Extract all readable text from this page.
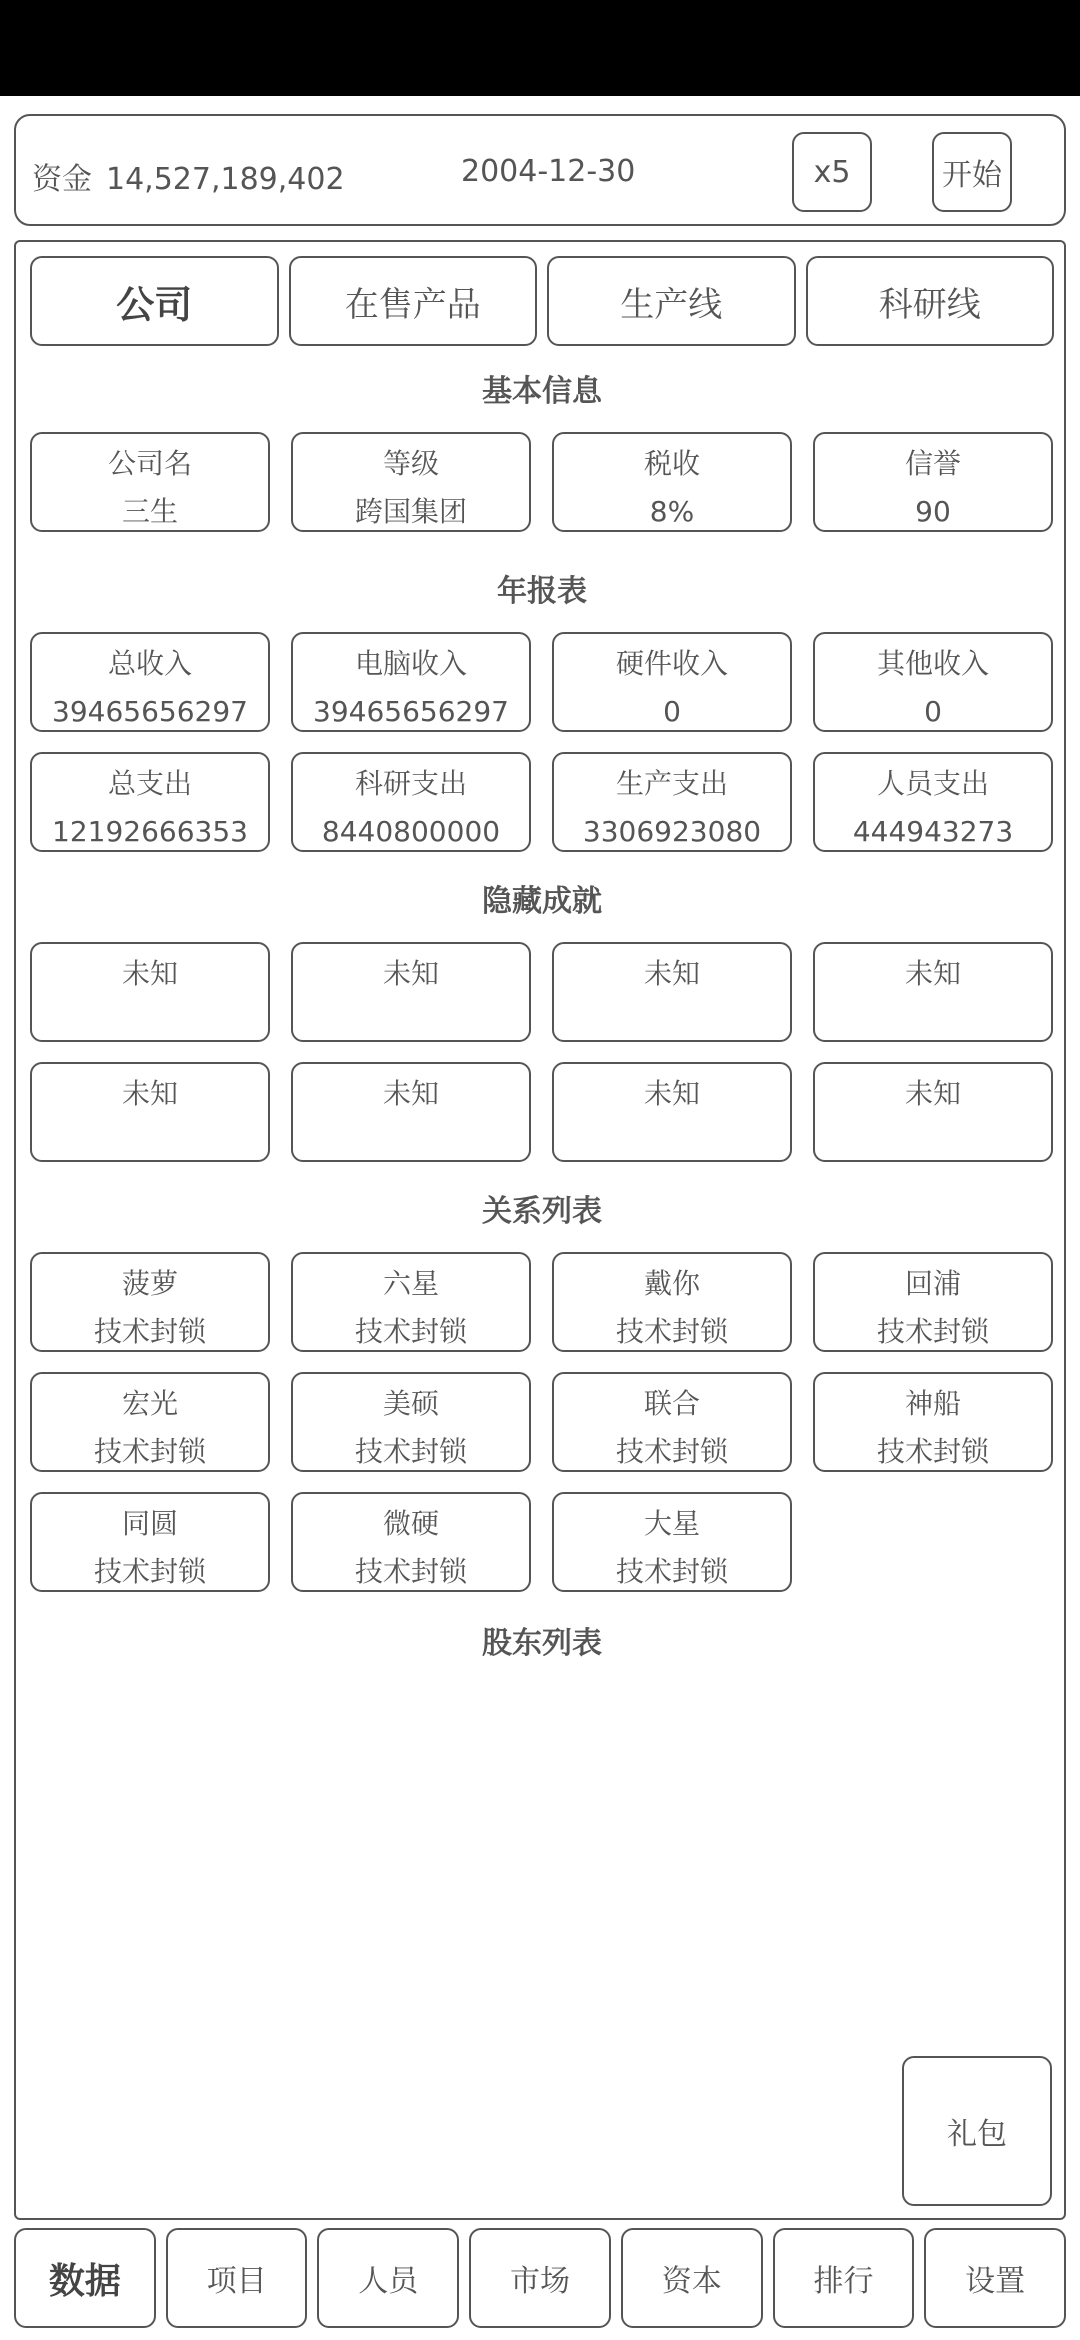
资金 14,527,189,402	2004-12-30	x5	开始
公司	在售产品	生产线	科研线
基本信息
公司名
三生
等级
跨国集团
税收
8%
信誉
90
年报表
总收入
39465656297
电脑收入
39465656297
硬件收入
0
其他收入
0
总支出
12192666353
科研支出
8440800000
生产支出
3306923080
人员支出
444943273
隐藏成就
未知	未知	未知	未知
未知	未知	未知	未知
关系列表
菠萝
技术封锁
六星
技术封锁
戴你
技术封锁
回浦
技术封锁
宏光
技术封锁
美硕
技术封锁
联合
技术封锁
神船
技术封锁
同圆
技术封锁
微硬
技术封锁
大星
技术封锁
股东列表
礼包
数据	项目	人员	市场	资本	排行	设置
